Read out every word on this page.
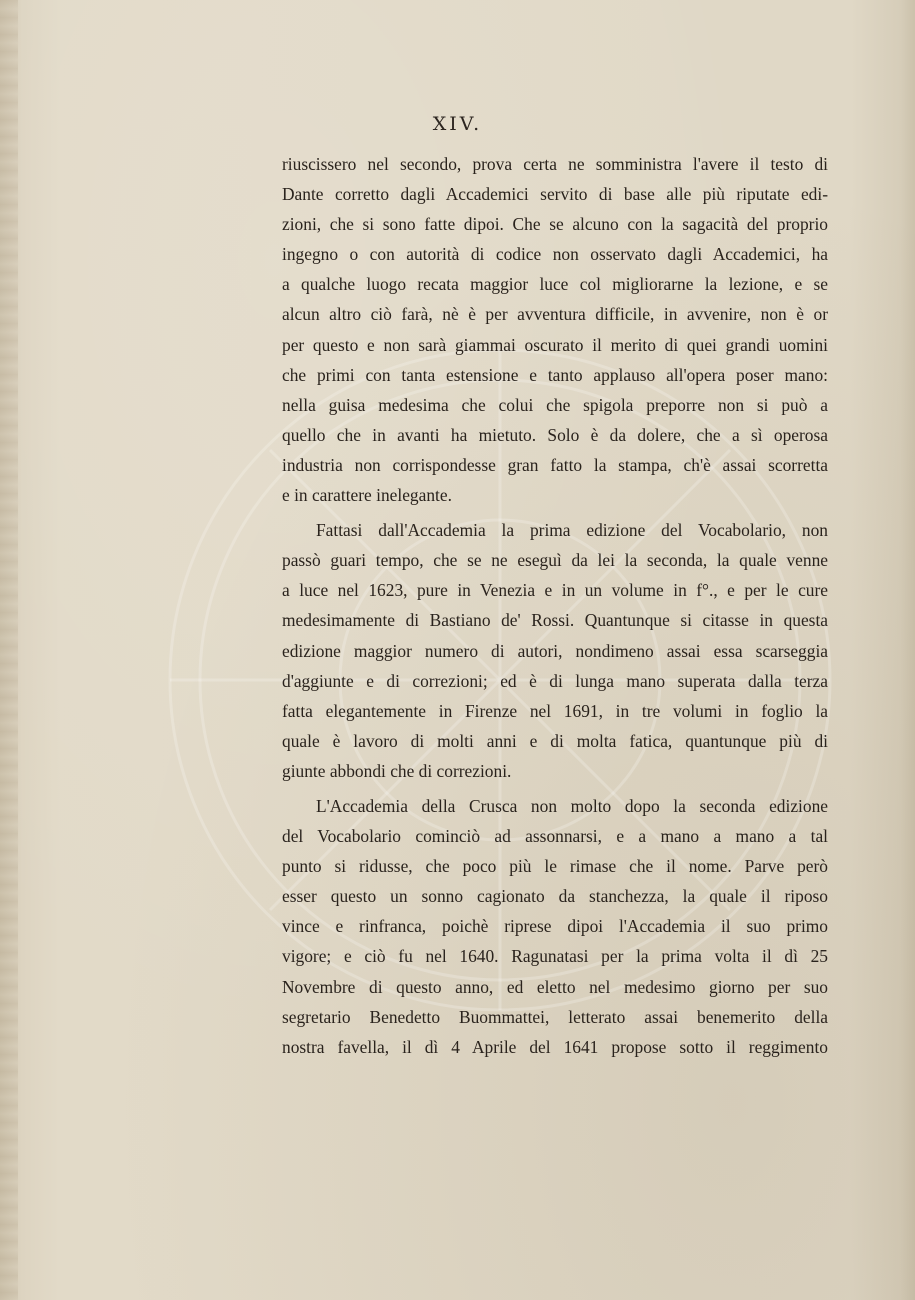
XIV.
riuscissero nel secondo, prova certa ne somministra l'avere il testo di
Dante corretto dagli Accademici servito di base alle più riputate edi-
zioni, che si sono fatte dipoi. Che se alcuno con la sagacità del proprio
ingegno o con autorità di codice non osservato dagli Accademici, ha
a qualche luogo recata maggior luce col migliorarne la lezione, e se
alcun altro ciò farà, nè è per avventura difficile, in avvenire, non è or
per questo e non sarà giammai oscurato il merito di quei grandi uomini
che primi con tanta estensione e tanto applauso all'opera poser mano:
nella guisa medesima che colui che spigola preporre non si può a
quello che in avanti ha mietuto. Solo è da dolere, che a sì operosa
industria non corrispondesse gran fatto la stampa, ch'è assai scorretta
e in carattere inelegante.
Fattasi dall'Accademia la prima edizione del Vocabolario, non
passò guari tempo, che se ne eseguì da lei la seconda, la quale venne
a luce nel 1623, pure in Venezia e in un volume in f°., e per le cure
medesimamente di Bastiano de' Rossi. Quantunque si citasse in questa
edizione maggior numero di autori, nondimeno assai essa scarseggia
d'aggiunte e di correzioni; ed è di lunga mano superata dalla terza
fatta elegantemente in Firenze nel 1691, in tre volumi in foglio la
quale è lavoro di molti anni e di molta fatica, quantunque più di
giunte abbondi che di correzioni.
L'Accademia della Crusca non molto dopo la seconda edizione
del Vocabolario cominciò ad assonnarsi, e a mano a mano a tal
punto si ridusse, che poco più le rimase che il nome. Parve però
esser questo un sonno cagionato da stanchezza, la quale il riposo
vince e rinfranca, poichè riprese dipoi l'Accademia il suo primo
vigore; e ciò fu nel 1640. Ragunatasi per la prima volta il dì 25
Novembre di questo anno, ed eletto nel medesimo giorno per suo
segretario Benedetto Buommattei, letterato assai benemerito della
nostra favella, il dì 4 Aprile del 1641 propose sotto il reggimento
